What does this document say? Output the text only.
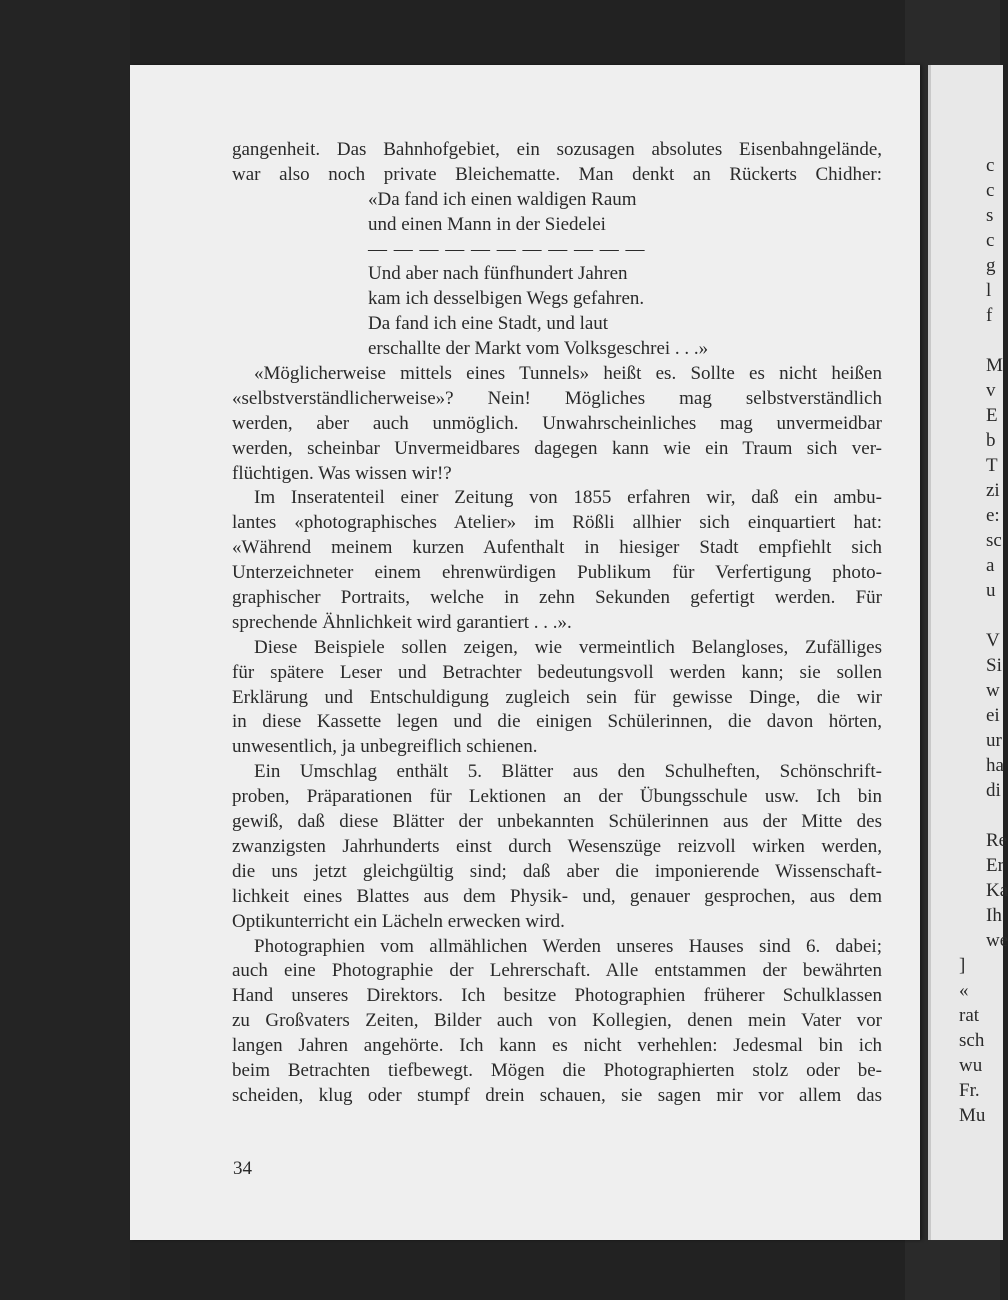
gangenheit. Das Bahnhofgebiet, ein sozusagen absolutes Eisenbahngelände,
war also noch private Bleichematte. Man denkt an Rückerts Chidher:
«Da fand ich einen waldigen Raum
und einen Mann in der Siedelei
— — — — — — — — — — —
Und aber nach fünfhundert Jahren
kam ich desselbigen Wegs gefahren.
Da fand ich eine Stadt, und laut
erschallte der Markt vom Volksgeschrei . . .»
«Möglicherweise mittels eines Tunnels» heißt es. Sollte es nicht heißen
«selbstverständlicherweise»? Nein! Mögliches mag selbstverständlich
werden, aber auch unmöglich. Unwahrscheinliches mag unvermeidbar
werden, scheinbar Unvermeidbares dagegen kann wie ein Traum sich ver-
flüchtigen. Was wissen wir!?
Im Inseratenteil einer Zeitung von 1855 erfahren wir, daß ein ambu-
lantes «photographisches Atelier» im Rößli allhier sich einquartiert hat:
«Während meinem kurzen Aufenthalt in hiesiger Stadt empfiehlt sich
Unterzeichneter einem ehrenwürdigen Publikum für Verfertigung photo-
graphischer Portraits, welche in zehn Sekunden gefertigt werden. Für
sprechende Ähnlichkeit wird garantiert . . .».
Diese Beispiele sollen zeigen, wie vermeintlich Belangloses, Zufälliges
für spätere Leser und Betrachter bedeutungsvoll werden kann; sie sollen
Erklärung und Entschuldigung zugleich sein für gewisse Dinge, die wir
in diese Kassette legen und die einigen Schülerinnen, die davon hörten,
unwesentlich, ja unbegreiflich schienen.
Ein Umschlag enthält 5. Blätter aus den Schulheften, Schönschrift-
proben, Präparationen für Lektionen an der Übungsschule usw. Ich bin
gewiß, daß diese Blätter der unbekannten Schülerinnen aus der Mitte des
zwanzigsten Jahrhunderts einst durch Wesenszüge reizvoll wirken werden,
die uns jetzt gleichgültig sind; daß aber die imponierende Wissenschaft-
lichkeit eines Blattes aus dem Physik- und, genauer gesprochen, aus dem
Optikunterricht ein Lächeln erwecken wird.
Photographien vom allmählichen Werden unseres Hauses sind 6. dabei;
auch eine Photographie der Lehrerschaft. Alle entstammen der bewährten
Hand unseres Direktors. Ich besitze Photographien früherer Schulklassen
zu Großvaters Zeiten, Bilder auch von Kollegien, denen mein Vater vor
langen Jahren angehörte. Ich kann es nicht verhehlen: Jedesmal bin ich
beim Betrachten tiefbewegt. Mögen die Photographierten stolz oder be-
scheiden, klug oder stumpf drein schauen, sie sagen mir vor allem das
34
c
c
s
c
g
l
f
M
v
E
b
T
zi
e:
sc
a
u
V
Si
w
ei
ur
ha
di
Re
Er
Ka
Ih
we
]
«
rat
sch
wu
Fr.
Mu
